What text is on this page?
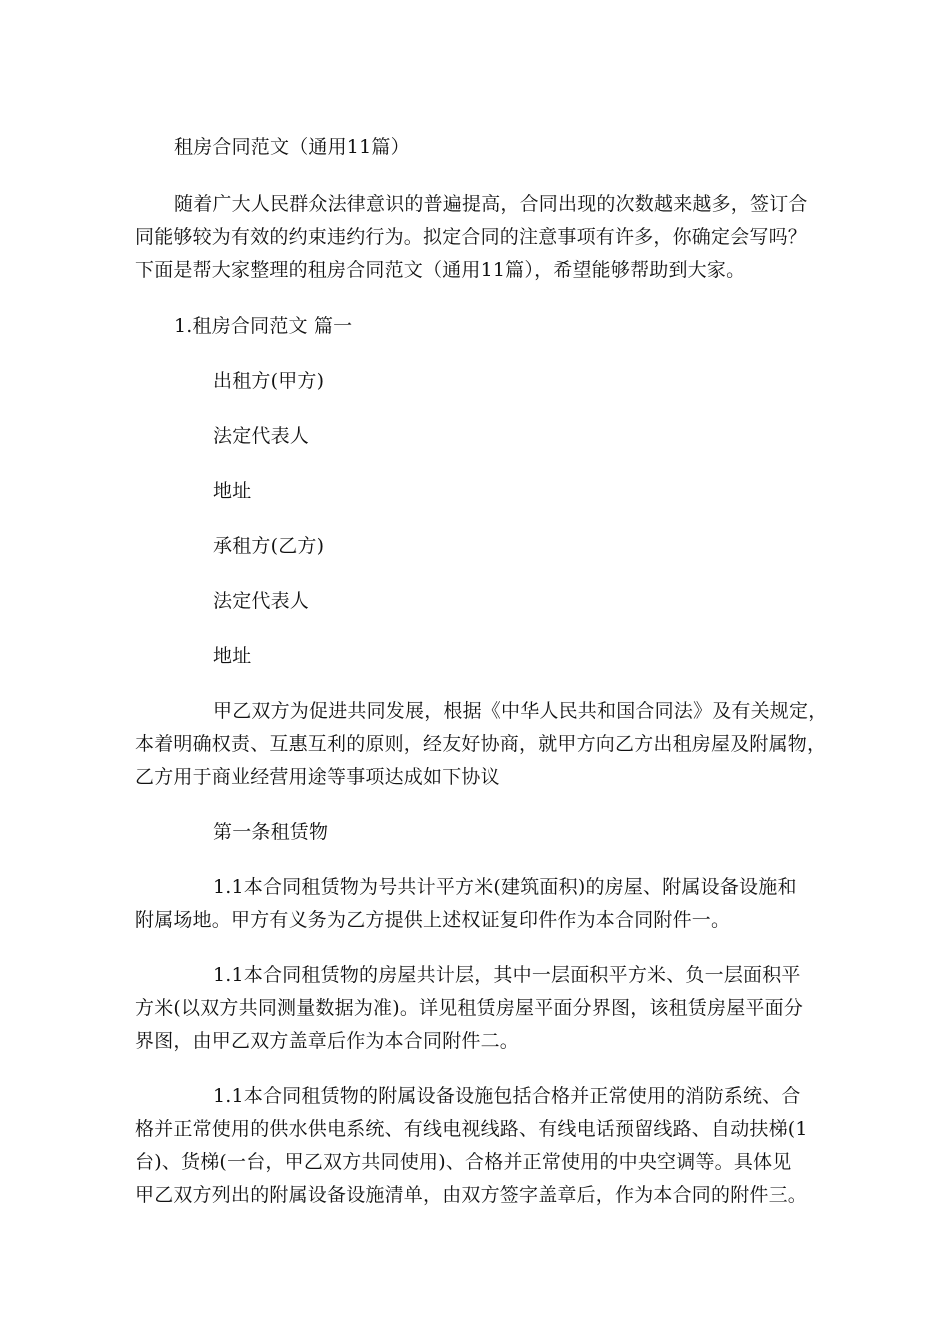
租房合同范文（通用11篇）
随着广大人民群众法律意识的普遍提高，合同出现的次数越来越多，签订合
同能够较为有效的约束违约行为。拟定合同的注意事项有许多，你确定会写吗？
下面是帮大家整理的租房合同范文（通用11篇），希望能够帮助到大家。
1.租房合同范文 篇一
出租方(甲方)
法定代表人
地址
承租方(乙方)
法定代表人
地址
甲乙双方为促进共同发展，根据《中华人民共和国合同法》及有关规定，
本着明确权责、互惠互利的原则，经友好协商，就甲方向乙方出租房屋及附属物，
乙方用于商业经营用途等事项达成如下协议
第一条租赁物
1.1本合同租赁物为号共计平方米(建筑面积)的房屋、附属设备设施和
附属场地。甲方有义务为乙方提供上述权证复印件作为本合同附件一。
1.1本合同租赁物的房屋共计层，其中一层面积平方米、负一层面积平
方米(以双方共同测量数据为准)。详见租赁房屋平面分界图，该租赁房屋平面分
界图，由甲乙双方盖章后作为本合同附件二。
1.1本合同租赁物的附属设备设施包括合格并正常使用的消防系统、合
格并正常使用的供水供电系统、有线电视线路、有线电话预留线路、自动扶梯(1
台)、货梯(一台，甲乙双方共同使用)、合格并正常使用的中央空调等。具体见
甲乙双方列出的附属设备设施清单，由双方签字盖章后，作为本合同的附件三。
